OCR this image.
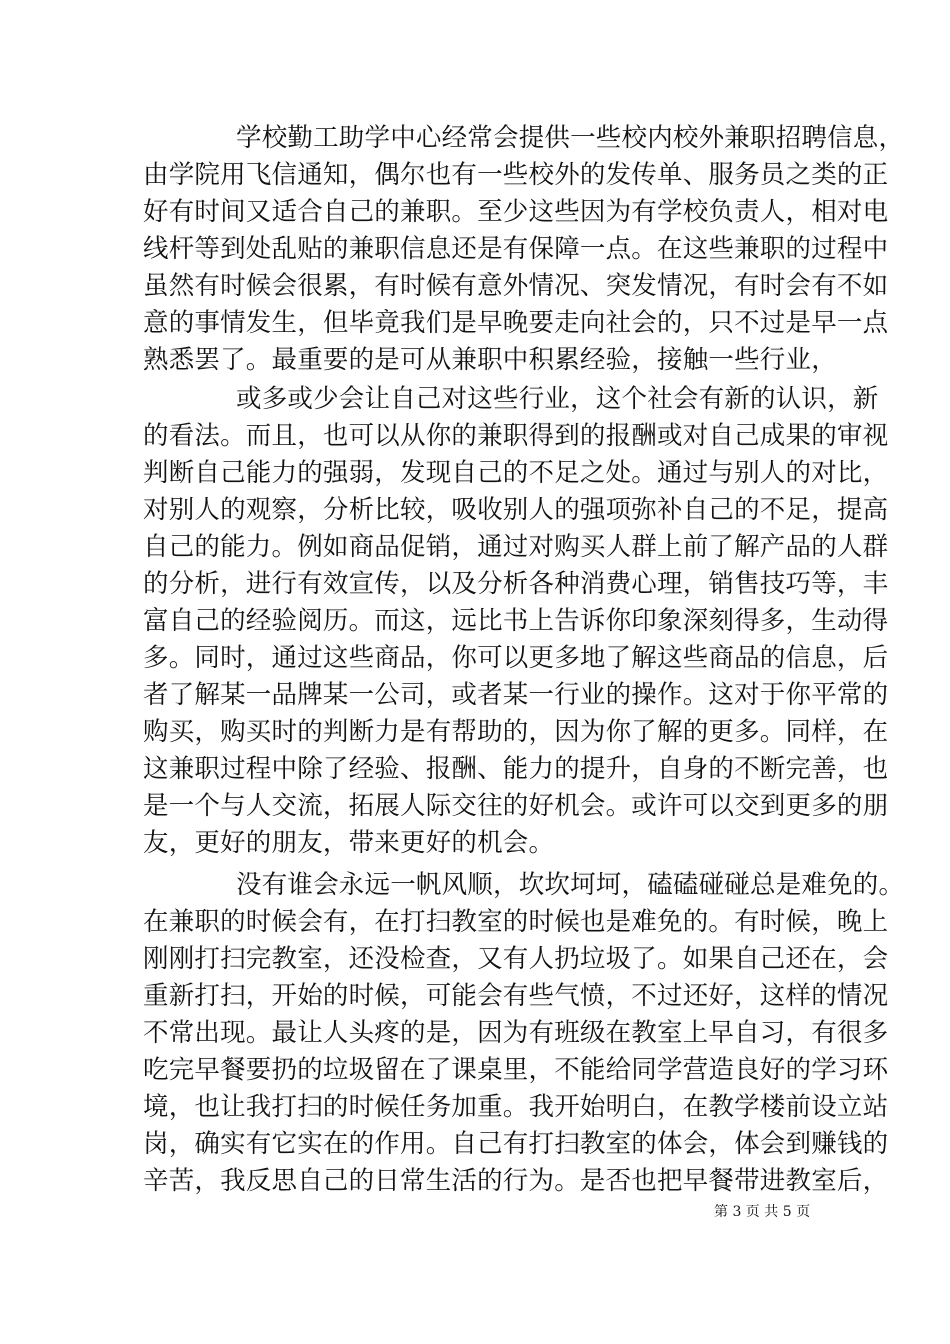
学校勤工助学中心经常会提供一些校内校外兼职招聘信息，
由学院用飞信通知，偶尔也有一些校外的发传单、服务员之类的正
好有时间又适合自己的兼职。至少这些因为有学校负责人，相对电
线杆等到处乱贴的兼职信息还是有保障一点。在这些兼职的过程中
虽然有时候会很累，有时候有意外情况、突发情况，有时会有不如
意的事情发生，但毕竟我们是早晚要走向社会的，只不过是早一点
熟悉罢了。最重要的是可从兼职中积累经验，接触一些行业，
或多或少会让自己对这些行业，这个社会有新的认识，新
的看法。而且，也可以从你的兼职得到的报酬或对自己成果的审视
判断自己能力的强弱，发现自己的不足之处。通过与别人的对比，
对别人的观察，分析比较，吸收别人的强项弥补自己的不足，提高
自己的能力。例如商品促销，通过对购买人群上前了解产品的人群
的分析，进行有效宣传，以及分析各种消费心理，销售技巧等，丰
富自己的经验阅历。而这，远比书上告诉你印象深刻得多，生动得
多。同时，通过这些商品，你可以更多地了解这些商品的信息，后
者了解某一品牌某一公司，或者某一行业的操作。这对于你平常的
购买，购买时的判断力是有帮助的，因为你了解的更多。同样，在
这兼职过程中除了经验、报酬、能力的提升，自身的不断完善，也
是一个与人交流，拓展人际交往的好机会。或许可以交到更多的朋
友，更好的朋友，带来更好的机会。
没有谁会永远一帆风顺，坎坎坷坷，磕磕碰碰总是难免的。
在兼职的时候会有，在打扫教室的时候也是难免的。有时候，晚上
刚刚打扫完教室，还没检查，又有人扔垃圾了。如果自己还在，会
重新打扫，开始的时候，可能会有些气愤，不过还好，这样的情况
不常出现。最让人头疼的是，因为有班级在教室上早自习，有很多
吃完早餐要扔的垃圾留在了课桌里，不能给同学营造良好的学习环
境，也让我打扫的时候任务加重。我开始明白，在教学楼前设立站
岗，确实有它实在的作用。自己有打扫教室的体会，体会到赚钱的
辛苦，我反思自己的日常生活的行为。是否也把早餐带进教室后，
第 3 页 共 5 页
